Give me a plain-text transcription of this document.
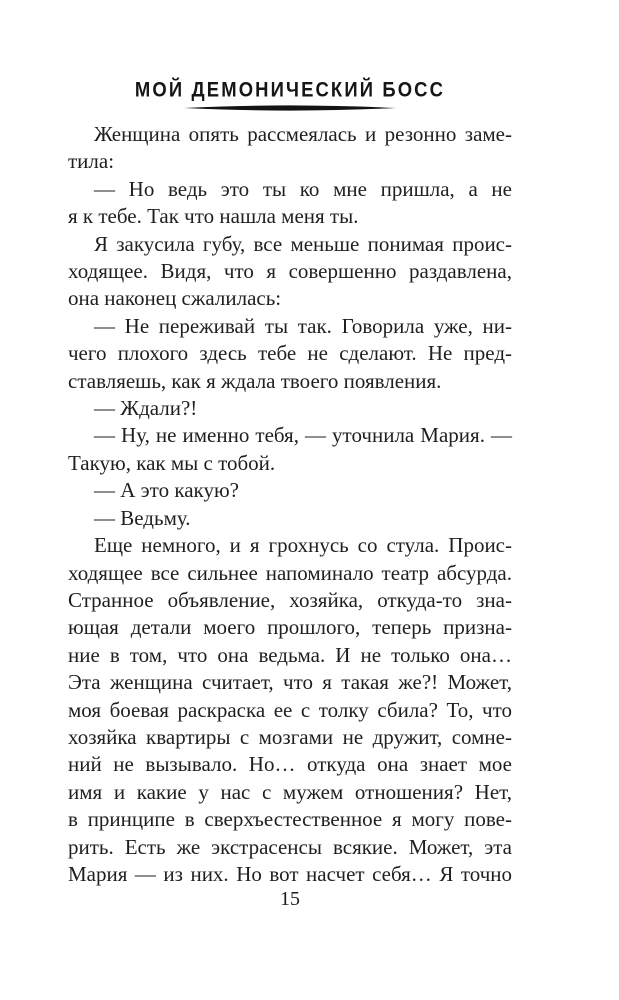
МОЙ ДЕМОНИЧЕСКИЙ БОСС
Женщина опять рассмеялась и резонно заме-
тила:
— Но ведь это ты ко мне пришла, а не
я к тебе. Так что нашла меня ты.
Я закусила губу, все меньше понимая проис-
ходящее. Видя, что я совершенно раздавлена,
она наконец сжалилась:
— Не переживай ты так. Говорила уже, ни-
чего плохого здесь тебе не сделают. Не пред-
ставляешь, как я ждала твоего появления.
— Ждали?!
— Ну, не именно тебя, — уточнила Мария. —
Такую, как мы с тобой.
— А это какую?
— Ведьму.
Еще немного, и я грохнусь со стула. Проис-
ходящее все сильнее напоминало театр абсурда.
Странное объявление, хозяйка, откуда-то зна-
ющая детали моего прошлого, теперь призна-
ние в том, что она ведьма. И не только она…
Эта женщина считает, что я такая же?! Может,
моя боевая раскраска ее с толку сбила? То, что
хозяйка квартиры с мозгами не дружит, сомне-
ний не вызывало. Но… откуда она знает мое
имя и какие у нас с мужем отношения? Нет,
в принципе в сверхъестественное я могу пове-
рить. Есть же экстрасенсы всякие. Может, эта
Мария — из них. Но вот насчет себя… Я точно
15
